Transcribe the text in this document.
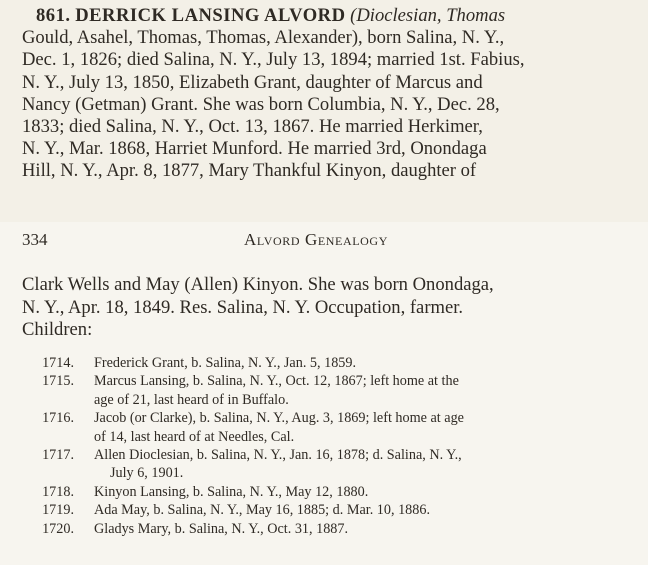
861. DERRICK LANSING ALVORD (Dioclesian, Thomas
Gould, Asahel, Thomas, Thomas, Alexander), born Salina, N. Y.,
Dec. 1, 1826; died Salina, N. Y., July 13, 1894; married 1st. Fabius,
N. Y., July 13, 1850, Elizabeth Grant, daughter of Marcus and
Nancy (Getman) Grant. She was born Columbia, N. Y., Dec. 28,
1833; died Salina, N. Y., Oct. 13, 1867. He married Herkimer,
N. Y., Mar. 1868, Harriet Munford. He married 3rd, Onondaga
Hill, N. Y., Apr. 8, 1877, Mary Thankful Kinyon, daughter of
334	Alvord Genealogy
Clark Wells and May (Allen) Kinyon. She was born Onondaga,
N. Y., Apr. 18, 1849. Res. Salina, N. Y. Occupation, farmer.
Children:
1714. Frederick Grant, b. Salina, N. Y., Jan. 5, 1859.
1715. Marcus Lansing, b. Salina, N. Y., Oct. 12, 1867; left home at the
age of 21, last heard of in Buffalo.
1716. Jacob (or Clarke), b. Salina, N. Y., Aug. 3, 1869; left home at age
of 14, last heard of at Needles, Cal.
1717. Allen Dioclesian, b. Salina, N. Y., Jan. 16, 1878; d. Salina, N. Y.,
July 6, 1901.
1718. Kinyon Lansing, b. Salina, N. Y., May 12, 1880.
1719. Ada May, b. Salina, N. Y., May 16, 1885; d. Mar. 10, 1886.
1720. Gladys Mary, b. Salina, N. Y., Oct. 31, 1887.
